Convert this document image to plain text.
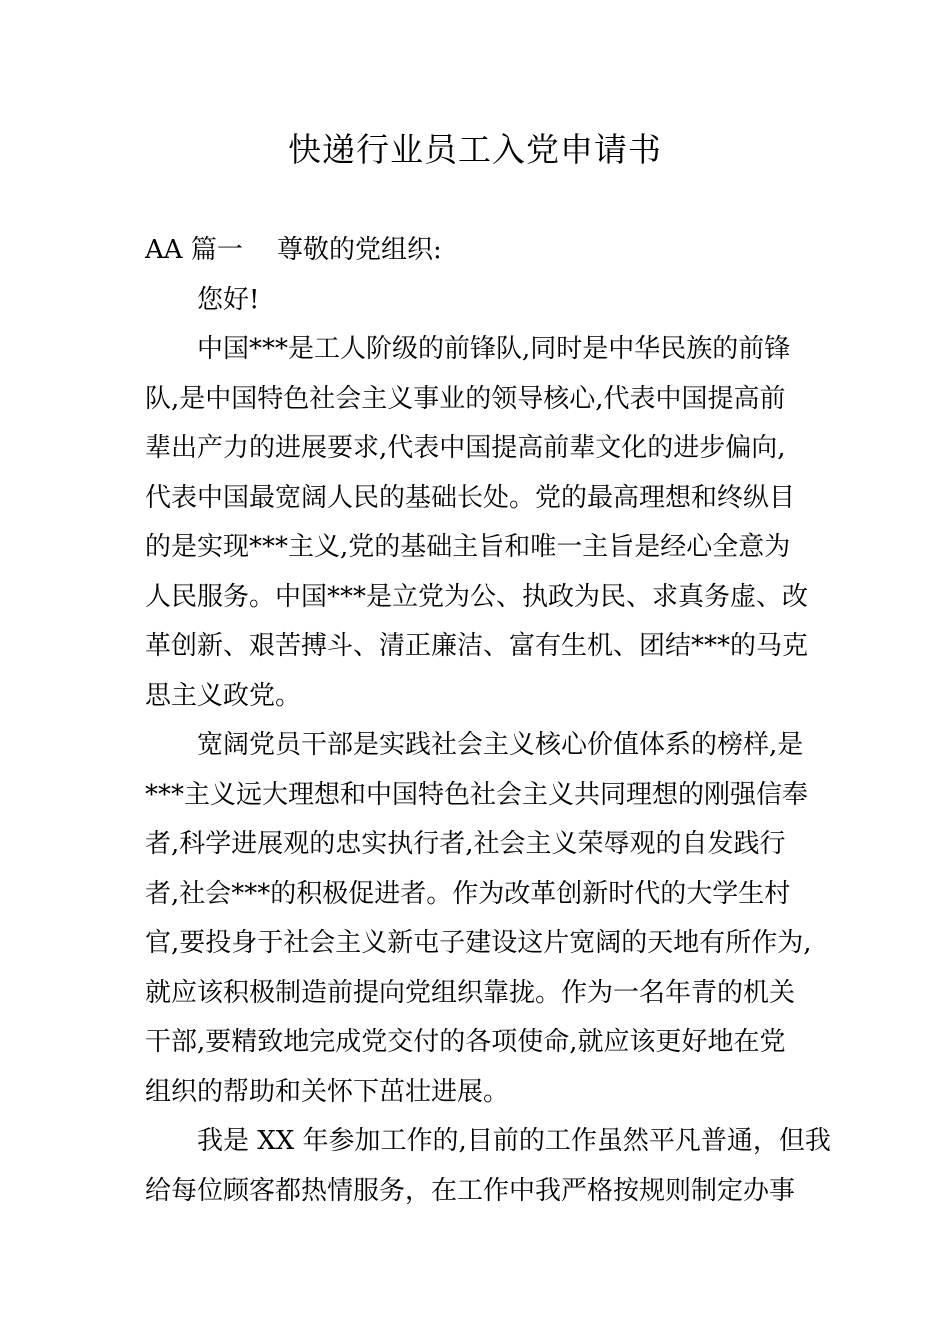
快递行业员工入党申请书
AA 篇一 尊敬的党组织:
您好!
中国***是工人阶级的前锋队,同时是中华民族的前锋
队,是中国特色社会主义事业的领导核心,代表中国提高前
辈出产力的进展要求,代表中国提高前辈文化的进步偏向,
代表中国最宽阔人民的基础长处。党的最高理想和终纵目
的是实现***主义,党的基础主旨和唯一主旨是经心全意为
人民服务。中国***是立党为公、执政为民、求真务虚、改
革创新、艰苦搏斗、清正廉洁、富有生机、团结***的马克
思主义政党。
宽阔党员干部是实践社会主义核心价值体系的榜样,是
***主义远大理想和中国特色社会主义共同理想的刚强信奉
者,科学进展观的忠实执行者,社会主义荣辱观的自发践行
者,社会***的积极促进者。作为改革创新时代的大学生村
官,要投身于社会主义新屯子建设这片宽阔的天地有所作为,
就应该积极制造前提向党组织靠拢。作为一名年青的机关
干部,要精致地完成党交付的各项使命,就应该更好地在党
组织的帮助和关怀下茁壮进展。
我是 XX 年参加工作的,目前的工作虽然平凡普通，但我
给每位顾客都热情服务，在工作中我严格按规则制定办事
